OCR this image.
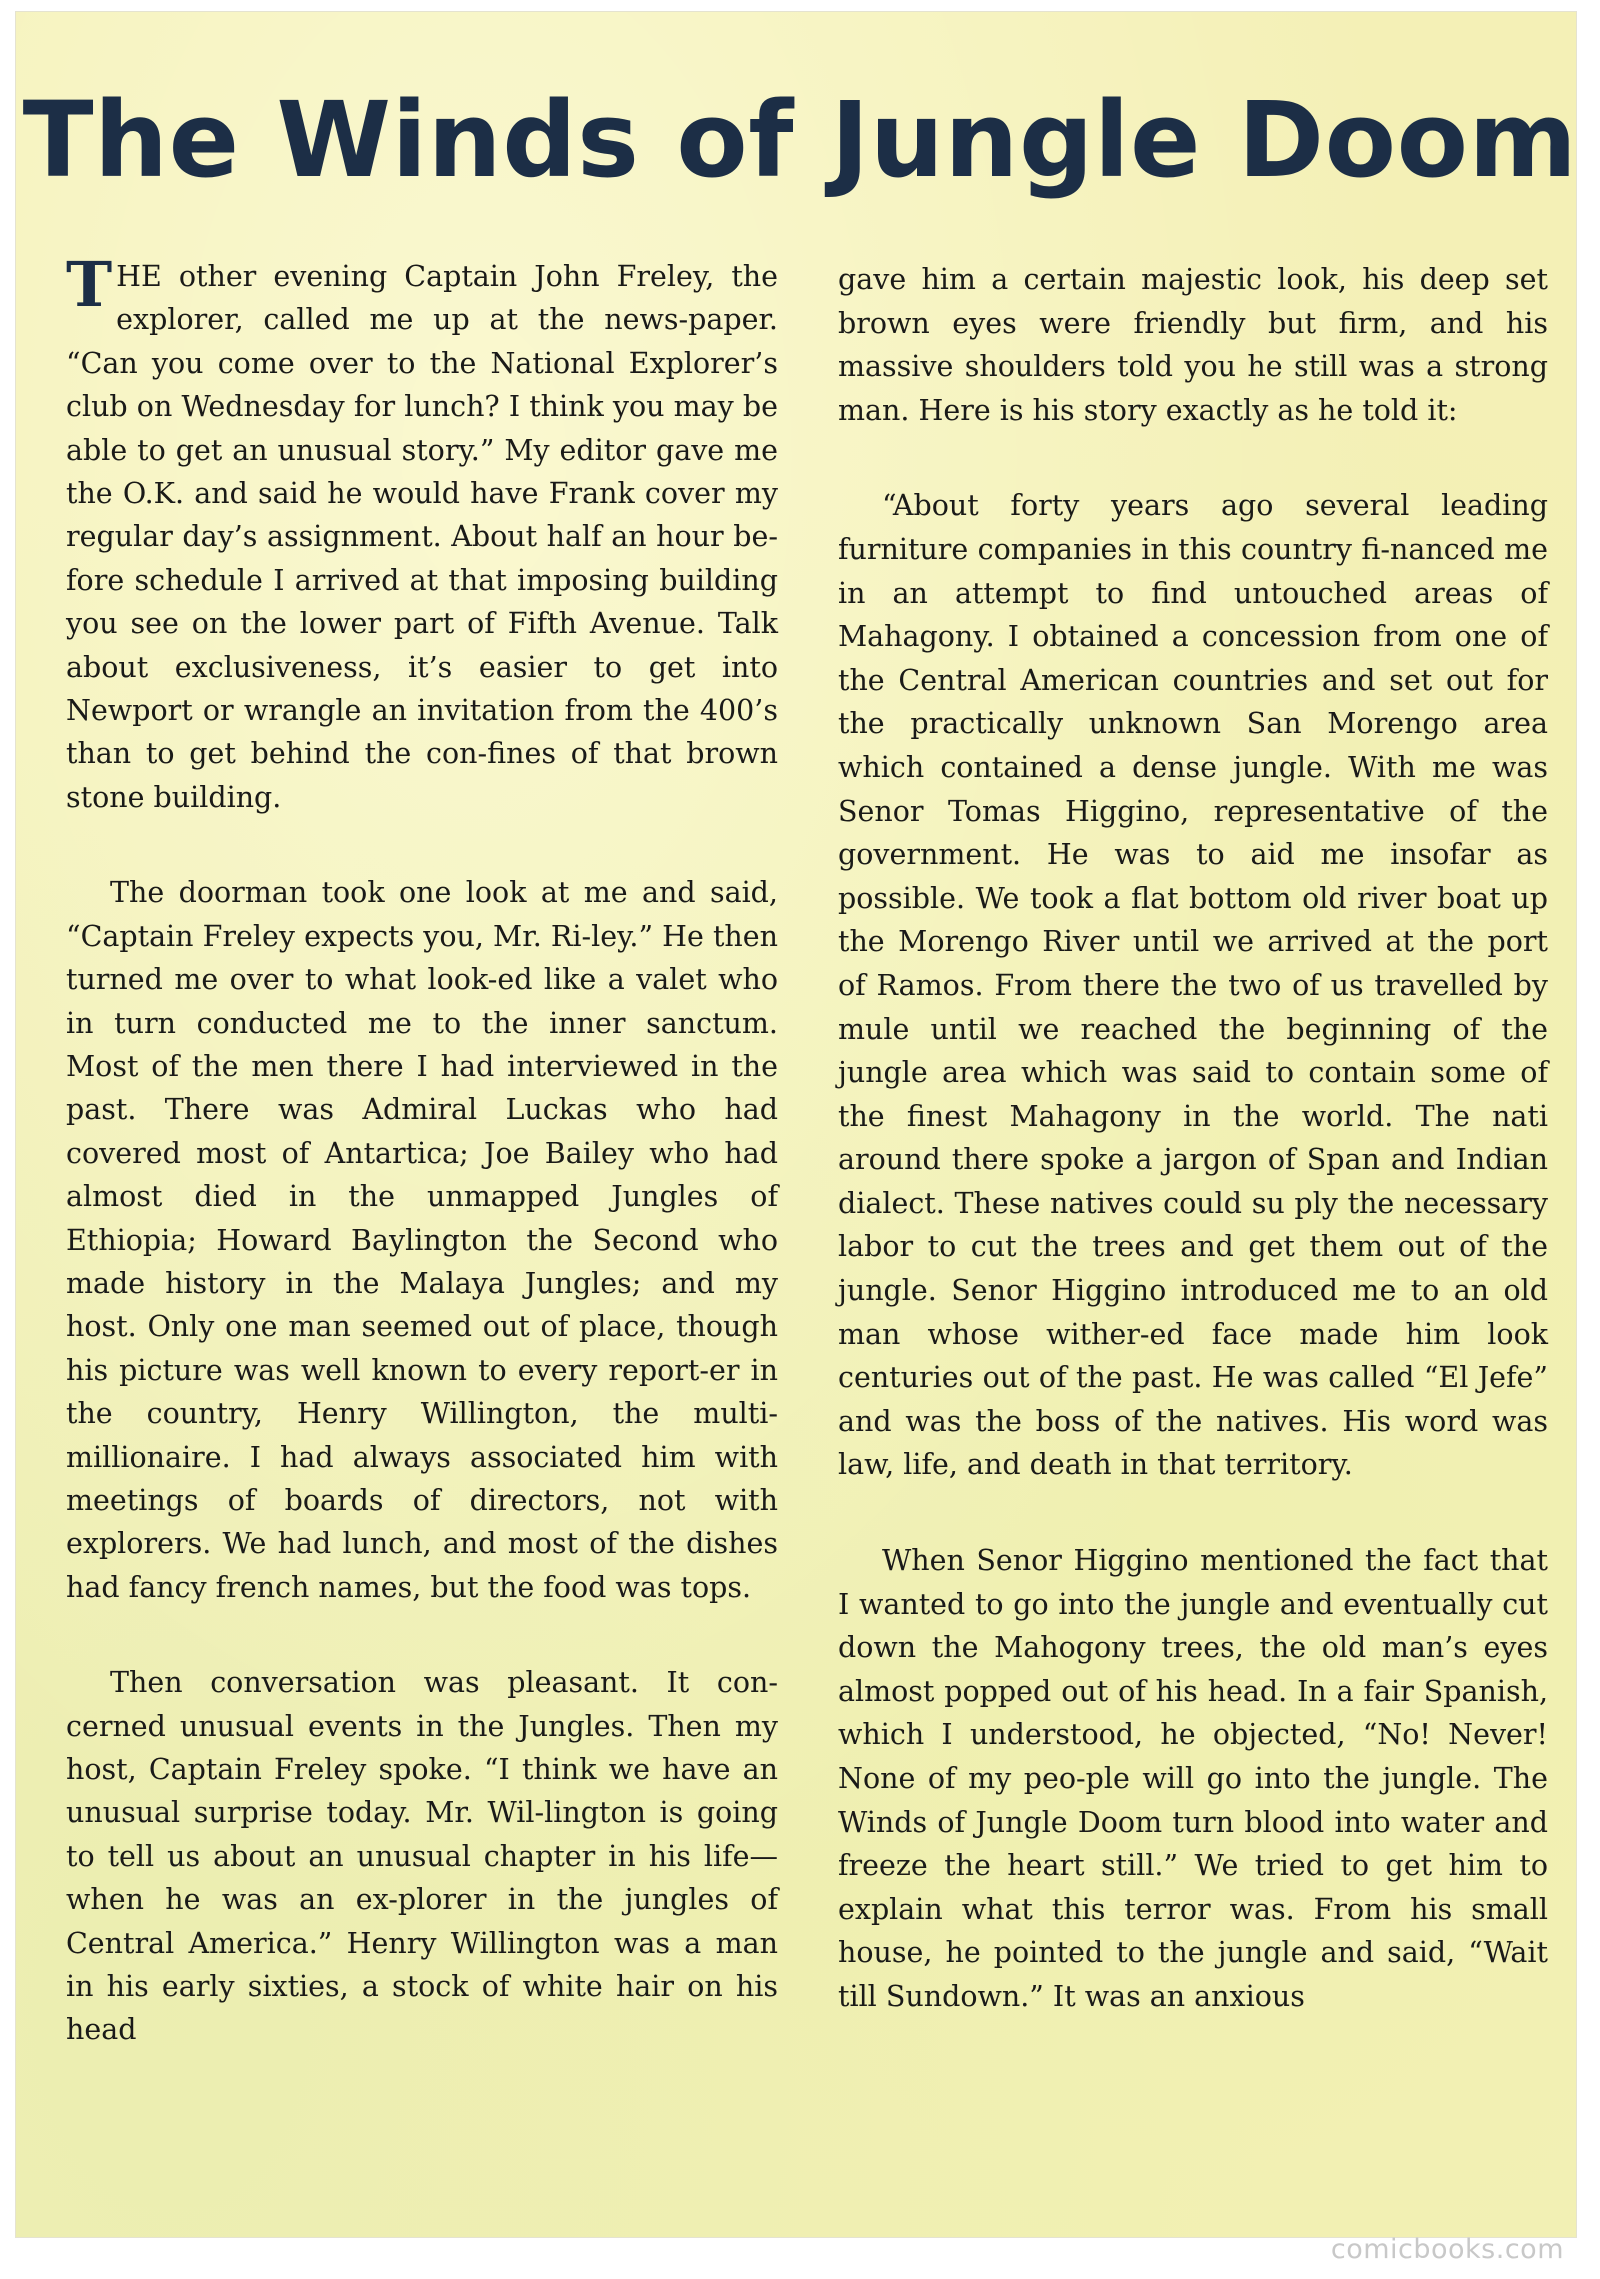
The Winds of Jungle Doom

THE other evening Captain John Freley, the explorer, called me up at the news-paper. “Can you come over to the National Explorer’s club on Wednesday for lunch? I think you may be able to get an unusual story.” My editor gave me the O.K. and said he would have Frank cover my regular day’s assignment. About half an hour be-fore schedule I arrived at that imposing building you see on the lower part of Fifth Avenue. Talk about exclusiveness, it’s easier to get into Newport or wrangle an invitation from the 400’s than to get behind the con-fines of that brown stone building.

The doorman took one look at me and said, “Captain Freley expects you, Mr. Ri-ley.” He then turned me over to what look-ed like a valet who in turn conducted me to the inner sanctum. Most of the men there I had interviewed in the past. There was Admiral Luckas who had covered most of Antartica; Joe Bailey who had almost died in the unmapped Jungles of Ethiopia; Howard Baylington the Second who made history in the Malaya Jungles; and my host. Only one man seemed out of place, though his picture was well known to every report-er in the country, Henry Willington, the multi-millionaire. I had always associated him with meetings of boards of directors, not with explorers. We had lunch, and most of the dishes had fancy french names, but the food was tops.

Then conversation was pleasant. It con-cerned unusual events in the Jungles. Then my host, Captain Freley spoke. “I think we have an unusual surprise today. Mr. Wil-lington is going to tell us about an unusual chapter in his life—when he was an ex-plorer in the jungles of Central America.” Henry Willington was a man in his early sixties, a stock of white hair on his head

gave him a certain majestic look, his deep set brown eyes were friendly but firm, and his massive shoulders told you he still was a strong man. Here is his story exactly as he told it:

“About forty years ago several leading furniture companies in this country fi-nanced me in an attempt to find untouched areas of Mahagony. I obtained a concession from one of the Central American countries and set out for the practically unknown San Morengo area which contained a dense jungle. With me was Senor Tomas Higgino, representative of the government. He was to aid me insofar as possible. We took a flat bottom old river boat up the Morengo River until we arrived at the port of Ramos. From there the two of us travelled by mule until we reached the beginning of the jungle area which was said to contain some of the finest Mahagony in the world. The nati around there spoke a jargon of Span and Indian dialect. These natives could su ply the necessary labor to cut the trees and get them out of the jungle. Senor Higgino introduced me to an old man whose wither-ed face made him look centuries out of the past. He was called “El Jefe” and was the boss of the natives. His word was law, life, and death in that territory.

When Senor Higgino mentioned the fact that I wanted to go into the jungle and eventually cut down the Mahogony trees, the old man’s eyes almost popped out of his head. In a fair Spanish, which I understood, he objected, “No! Never! None of my peo-ple will go into the jungle. The Winds of Jungle Doom turn blood into water and freeze the heart still.” We tried to get him to explain what this terror was. From his small house, he pointed to the jungle and said, “Wait till Sundown.” It was an anxious

comicbooks.com
